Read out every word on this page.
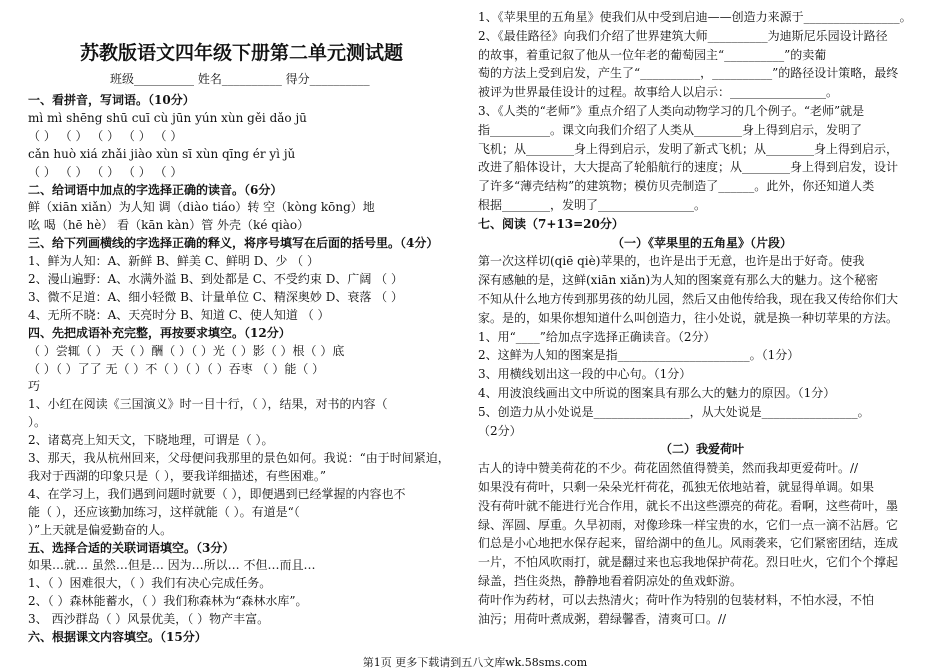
苏教版语文四年级下册第二单元测试题
班级__________ 姓名__________ 得分__________
一、看拼音，写词语。（10分）
mì mì shēng shū cuī cù jūn yún xùn gěi dǎo jū
（ ） （ ） （ ） （ ） （ ）
cǎn huò xiá zhǎi jiào xùn sī xùn qīng ér yì jǔ
（ ） （ ） （ ） （ ） （ ）
二、给词语中加点的字选择正确的读音。（6分）
鲜（xiān xiǎn）为人知 调（diào tiáo）转 空（kòng kōng）地
吆 喝（hē hè） 看（kān kàn）管 外壳（ké qiào）
三、给下列画横线的字选择正确的释义，将序号填写在后面的括号里。（4分）
1、鲜为人知：A、新鲜 B、鲜美 C、鲜明 D、少 （ ）
2、漫山遍野：A、水满外溢 B、到处都是 C、不受约束 D、广阔 （ ）
3、微不足道：A、细小轻微 B、计量单位 C、精深奥妙 D、衰落 （ ）
4、无所不晓：A、天亮时分 B、知道 C、使人知道 （ ）
四、先把成语补充完整，再按要求填空。（12分）
（ ）尝辄（ ） 天（ ）酬（ ）（ ）光（ ）影（ ）根（ ）底
（ ）（ ）了了 无（ ）不（ ）（ ）（ ）吞枣 （ ）能（ ）
巧
1、小红在阅读《三国演义》时一目十行，（ ），结果，对书的内容（
）。
2、诸葛亮上知天文，下晓地理，可谓是（ ）。
3、那天，我从杭州回来，父母便问我那里的景色如何。我说：“由于时间紧迫，
我对于西湖的印象只是（ ），要我详细描述，有些困难。”
4、在学习上，我们遇到问题时就要（ ），即便遇到已经掌握的内容也不
能（ ），还应该勤加练习，这样就能（ ）。有道是“（
）”上天就是偏爱勤奋的人。
五、选择合适的关联词语填空。（3分）
如果…就… 虽然…但是… 因为…所以… 不但…而且…
1、（ ）困难很大，（ ）我们有决心完成任务。
2、（ ）森林能蓄水，（ ）我们称森林为“森林水库”。
3、 西沙群岛（ ）风景优美，（ ）物产丰富。
六、根据课文内容填空。（15分）
1、《苹果里的五角星》使我们从中受到启迪——创造力来源于________________。
2、《最佳路径》向我们介绍了世界建筑大师__________为迪斯尼乐园设计路径
的故事，着重记叙了他从一位年老的葡萄园主“__________”的卖葡
萄的方法上受到启发，产生了“__________，__________”的路径设计策略，最终
被评为世界最佳设计的过程。故事给人以启示：________________。
3、《人类的“老师”》重点介绍了人类向动物学习的几个例子。“老师”就是
指__________。课文向我们介绍了人类从________身上得到启示，发明了
飞机；从________身上得到启示，发明了新式飞机；从________身上得到启示，
改进了船体设计，大大提高了轮船航行的速度；从________身上得到启发，设计
了许多“薄壳结构”的建筑物；模仿贝壳制造了______。此外，你还知道人类
根据________，发明了________________。
七、阅读（7+13=20分）
（一）《苹果里的五角星》（片段）
第一次这样切(qiē qiè)苹果的，也许是出于无意，也许是出于好奇。使我
深有感触的是，这鲜(xiān xiǎn)为人知的图案竟有那么大的魅力。这个秘密
不知从什么地方传到那男孩的幼儿园，然后又由他传给我，现在我又传给你们大
家。是的，如果你想知道什么叫创造力，往小处说，就是换一种切苹果的方法。
1、用“____”给加点字选择正确读音。（2分）
2、这鲜为人知的图案是指______________________。（1分）
3、用横线划出这一段的中心句。（1分）
4、用波浪线画出文中所说的图案具有那么大的魅力的原因。（1分）
5、创造力从小处说是________________，从大处说是________________。
（2分）
（二）我爱荷叶
古人的诗中赞美荷花的不少。荷花固然值得赞美，然而我却更爱荷叶。//
如果没有荷叶，只剩一朵朵光杆荷花，孤独无依地站着，就显得单调。如果
没有荷叶就不能进行光合作用，就长不出这些漂亮的荷花。看啊，这些荷叶，墨
绿、浑圆、厚重。久旱初雨，对像珍珠一样宝贵的水，它们一点一滴不沾唇。它
们总是小心地把水保存起来，留给湖中的鱼儿。风雨袭来，它们紧密团结，连成
一片，不怕风吹雨打，就是翻过来也忘我地保护荷花。烈日吐火，它们个个撑起
绿盖，挡住炎热，静静地看着阴凉处的鱼戏虾游。
荷叶作为药材，可以去热清火；荷叶作为特别的包装材料，不怕水浸，不怕
油污；用荷叶煮成粥，碧绿馨香，清爽可口。//
第1页 更多下载请到五八文库wk.58sms.com
